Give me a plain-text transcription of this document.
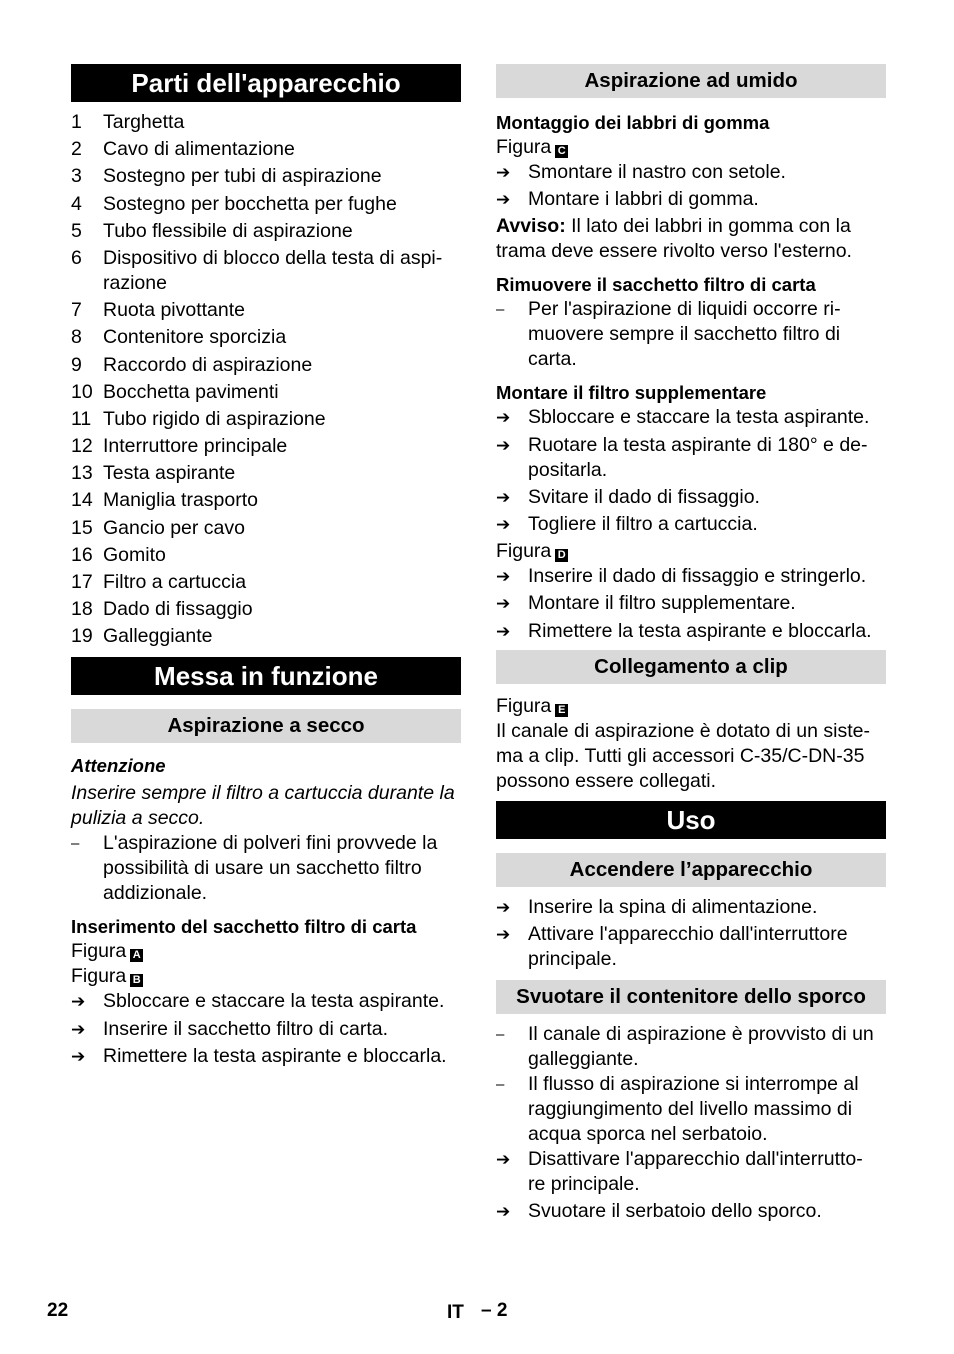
Parti dell'apparecchio
1	Targhetta
2	Cavo di alimentazione
3	Sostegno per tubi di aspirazione
4	Sostegno per bocchetta per fughe
5	Tubo flessibile di aspirazione
6	Dispositivo di blocco della testa di aspi-
razione
7	Ruota pivottante
8	Contenitore sporcizia
9	Raccordo di aspirazione
10 Bocchetta pavimenti
11 Tubo rigido di aspirazione
12 Interruttore principale
13 Testa aspirante
14 Maniglia trasporto
15 Gancio per cavo
16 Gomito
17 Filtro a cartuccia
18 Dado di fissaggio
19 Galleggiante
Messa in funzione
Aspirazione a secco
Attenzione
Inserire sempre il filtro a cartuccia durante la pulizia a secco.
–	L'aspirazione di polveri fini provvede la possibilità di usare un sacchetto filtro addizionale.
Inserimento del sacchetto filtro di carta
Figura A
Figura B
➔ Sbloccare e staccare la testa aspirante.
➔ Inserire il sacchetto filtro di carta.
➔ Rimettere la testa aspirante e bloccarla.
Aspirazione ad umido
Montaggio dei labbri di gomma
Figura C
➔ Smontare il nastro con setole.
➔ Montare i labbri di gomma.
Avviso: Il lato dei labbri in gomma con la trama deve essere rivolto verso l'esterno.
Rimuovere il sacchetto filtro di carta
–	Per l'aspirazione di liquidi occorre ri-
muovere sempre il sacchetto filtro di carta.
Montare il filtro supplementare
➔ Sbloccare e staccare la testa aspirante.
➔ Ruotare la testa aspirante di 180° e de-
positarla.
➔ Svitare il dado di fissaggio.
➔ Togliere il filtro a cartuccia.
Figura D
➔ Inserire il dado di fissaggio e stringerlo.
➔ Montare il filtro supplementare.
➔ Rimettere la testa aspirante e bloccarla.
Collegamento a clip
Figura E
Il canale di aspirazione è dotato di un siste-
ma a clip. Tutti gli accessori C-35/C-DN-35 possono essere collegati.
Uso
Accendere l’apparecchio
➔ Inserire la spina di alimentazione.
➔ Attivare l'apparecchio dall'interruttore principale.
Svuotare il contenitore dello sporco
–	Il canale di aspirazione è provvisto di un galleggiante.
–	Il flusso di aspirazione si interrompe al raggiungimento del livello massimo di acqua sporca nel serbatoio.
➔ Disattivare l'apparecchio dall'interrutto-
re principale.
➔ Svuotare il serbatoio dello sporco.
22	IT – 2
